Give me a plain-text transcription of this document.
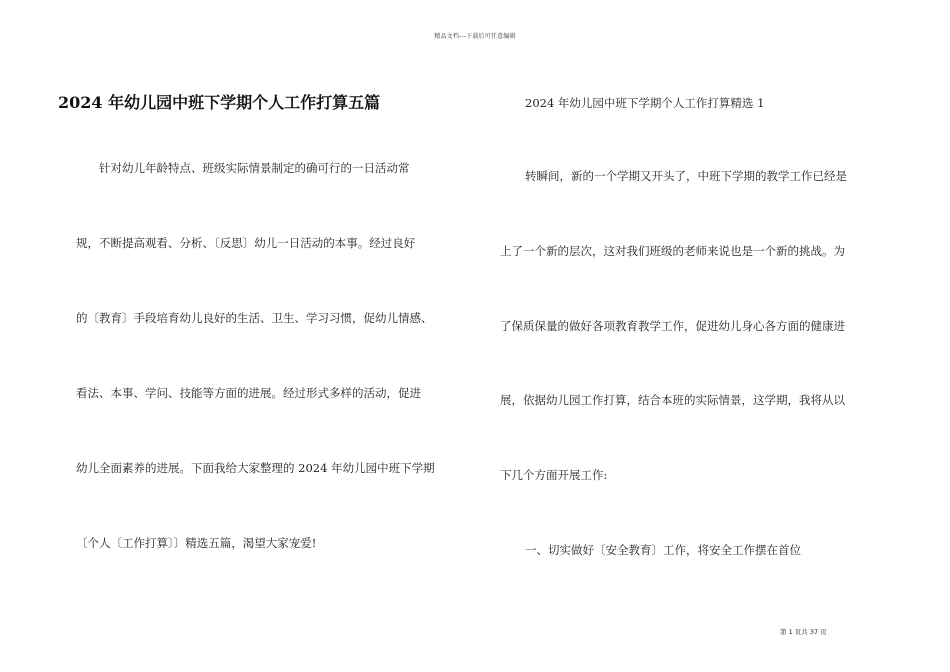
精品文档---下载后可任意编辑
2024 年幼儿园中班下学期个人工作打算五篇
针对幼儿年龄特点、班级实际情景制定的确可行的一日活动常
规，不断提高观看、分析、〔反思〕幼儿一日活动的本事。经过良好
的〔教育〕手段培育幼儿良好的生活、卫生、学习习惯，促幼儿情感、
看法、本事、学问、技能等方面的进展。经过形式多样的活动，促进
幼儿全面素养的进展。下面我给大家整理的 2024 年幼儿园中班下学期
〔个人〔工作打算〕〕精选五篇，渴望大家宠爱!
2024 年幼儿园中班下学期个人工作打算精选 1
转瞬间，新的一个学期又开头了，中班下学期的教学工作已经是
上了一个新的层次，这对我们班级的老师来说也是一个新的挑战。为
了保质保量的做好各项教育教学工作，促进幼儿身心各方面的健康进
展，依据幼儿园工作打算，结合本班的实际情景，这学期，我将从以
下几个方面开展工作:
一、切实做好〔安全教育〕工作，将安全工作摆在首位
第 1 页共 37 页
